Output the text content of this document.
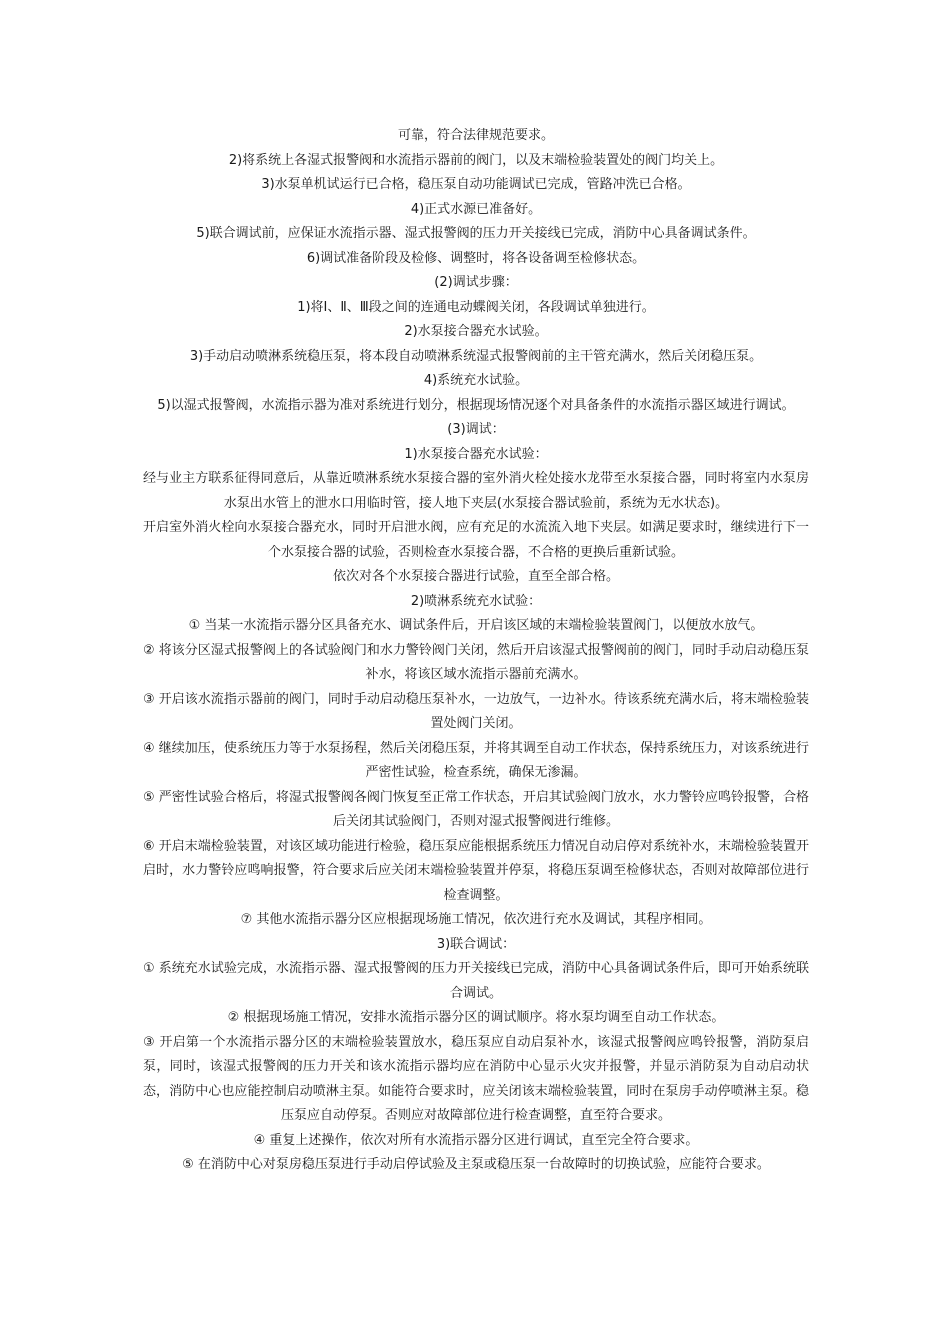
可靠，符合法律规范要求。

2)将系统上各湿式报警阀和水流指示器前的阀门，以及末端检验装置处的阀门均关上。

3)水泵单机试运行已合格，稳压泵自动功能调试已完成，管路冲洗已合格。

4)正式水源已准备好。

5)联合调试前，应保证水流指示器、湿式报警阀的压力开关接线已完成，消防中心具备调试条件。

6)调试准备阶段及检修、调整时，将各设备调至检修状态。

(2)调试步骤：

1)将Ⅰ、Ⅱ、Ⅲ段之间的连通电动蝶阀关闭，各段调试单独进行。

2)水泵接合器充水试验。

3)手动启动喷淋系统稳压泵，将本段自动喷淋系统湿式报警阀前的主干管充满水，然后关闭稳压泵。

4)系统充水试验。

5)以湿式报警阀，水流指示器为准对系统进行划分，根据现场情况逐个对具备条件的水流指示器区域进行调试。

(3)调试：

1)水泵接合器充水试验：

经与业主方联系征得同意后，从靠近喷淋系统水泵接合器的室外消火栓处接水龙带至水泵接合器，同时将室内水泵房水泵出水管上的泄水口用临时管，接人地下夹层(水泵接合器试验前，系统为无水状态)。

开启室外消火栓向水泵接合器充水，同时开启泄水阀，应有充足的水流流入地下夹层。如满足要求时，继续进行下一个水泵接合器的试验，否则检查水泵接合器，不合格的更换后重新试验。

依次对各个水泵接合器进行试验，直至全部合格。

2)喷淋系统充水试验：

① 当某一水流指示器分区具备充水、调试条件后，开启该区域的末端检验装置阀门，以便放水放气。

② 将该分区湿式报警阀上的各试验阀门和水力警铃阀门关闭，然后开启该湿式报警阀前的阀门，同时手动启动稳压泵补水，将该区域水流指示器前充满水。

③ 开启该水流指示器前的阀门，同时手动启动稳压泵补水，一边放气，一边补水。待该系统充满水后，将末端检验装置处阀门关闭。

④ 继续加压，使系统压力等于水泵扬程，然后关闭稳压泵，并将其调至自动工作状态，保持系统压力，对该系统进行严密性试验，检查系统，确保无渗漏。

⑤ 严密性试验合格后，将湿式报警阀各阀门恢复至正常工作状态，开启其试验阀门放水，水力警铃应鸣铃报警，合格后关闭其试验阀门，否则对湿式报警阀进行维修。

⑥ 开启末端检验装置，对该区域功能进行检验，稳压泵应能根据系统压力情况自动启停对系统补水，末端检验装置开启时，水力警铃应鸣响报警，符合要求后应关闭末端检验装置并停泵，将稳压泵调至检修状态，否则对故障部位进行检查调整。

⑦ 其他水流指示器分区应根据现场施工情况，依次进行充水及调试，其程序相同。

3)联合调试：

① 系统充水试验完成，水流指示器、湿式报警阀的压力开关接线已完成，消防中心具备调试条件后，即可开始系统联合调试。

② 根据现场施工情况，安排水流指示器分区的调试顺序。将水泵均调至自动工作状态。

③ 开启第一个水流指示器分区的末端检验装置放水，稳压泵应自动启泵补水，该湿式报警阀应鸣铃报警，消防泵启泵，同时，该湿式报警阀的压力开关和该水流指示器均应在消防中心显示火灾并报警，并显示消防泵为自动启动状态，消防中心也应能控制启动喷淋主泵。如能符合要求时，应关闭该末端检验装置，同时在泵房手动停喷淋主泵。稳压泵应自动停泵。否则应对故障部位进行检查调整，直至符合要求。

④ 重复上述操作，依次对所有水流指示器分区进行调试，直至完全符合要求。

⑤ 在消防中心对泵房稳压泵进行手动启停试验及主泵或稳压泵一台故障时的切换试验，应能符合要求。
